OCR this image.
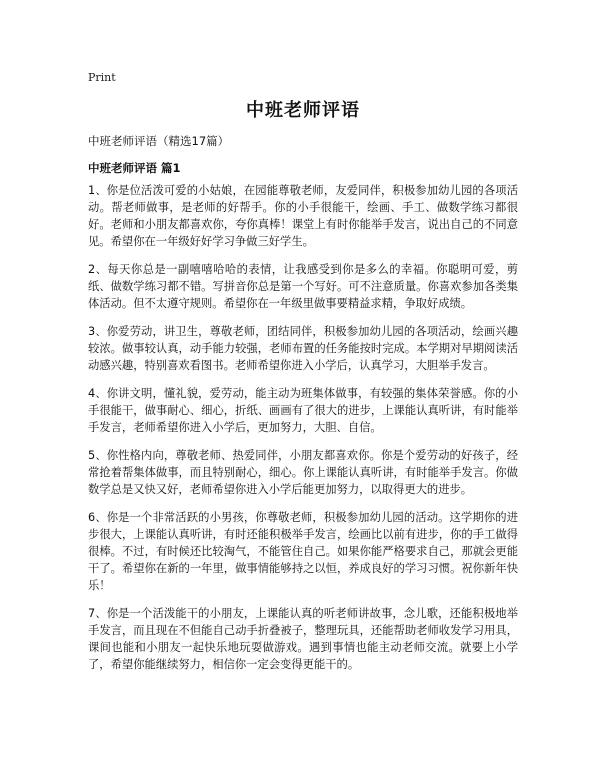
Print
中班老师评语
中班老师评语（精选17篇）
中班老师评语 篇1

1、你是位活泼可爱的小姑娘，在园能尊敬老师，友爱同伴，积极参加幼儿园的各项活动。帮老师做事，是老师的好帮手。你的小手很能干，绘画、手工、做数学练习都很好。老师和小朋友都喜欢你，夸你真棒！课堂上有时你能举手发言，说出自己的不同意见。希望你在一年级好好学习争做三好学生。

2、每天你总是一副嘻嘻哈哈的表情，让我感受到你是多么的幸福。你聪明可爱，剪纸、做数学练习都不错。写拼音你总是第一个写好。可不注意质量。你喜欢参加各类集体活动。但不太遵守规则。希望你在一年级里做事要精益求精，争取好成绩。

3、你爱劳动，讲卫生，尊敬老师，团结同伴，积极参加幼儿园的各项活动，绘画兴趣较浓。做事较认真，动手能力较强，老师布置的任务能按时完成。本学期对早期阅读活动感兴趣，特别喜欢看图书。老师希望你进入小学后，认真学习，大胆举手发言。

4、你讲文明，懂礼貌，爱劳动，能主动为班集体做事，有较强的集体荣誉感。你的小手很能干，做事耐心、细心，折纸、画画有了很大的进步，上课能认真听讲，有时能举手发言，老师希望你进入小学后，更加努力，大胆、自信。

5、你性格内向，尊敬老师、热爱同伴，小朋友都喜欢你。你是个爱劳动的好孩子，经常抢着帮集体做事，而且特别耐心，细心。你上课能认真听讲，有时能举手发言。你做数学总是又快又好，老师希望你进入小学后能更加努力，以取得更大的进步。

6、你是一个非常活跃的小男孩，你尊敬老师，积极参加幼儿园的活动。这学期你的进步很大，上课能认真听讲，有时还能积极举手发言，绘画比以前有进步，你的手工做得很棒。不过，有时候还比较淘气，不能管住自己。如果你能严格要求自己，那就会更能干了。希望你在新的一年里，做事情能够持之以恒，养成良好的学习习惯。祝你新年快乐！

7、你是一个活泼能干的小朋友，上课能认真的听老师讲故事，念儿歌，还能积极地举手发言，而且现在不但能自己动手折叠被子，整理玩具，还能帮助老师收发学习用具，课间也能和小朋友一起快乐地玩耍做游戏。遇到事情也能主动老师交流。就要上小学了，希望你能继续努力，相信你一定会变得更能干的。
